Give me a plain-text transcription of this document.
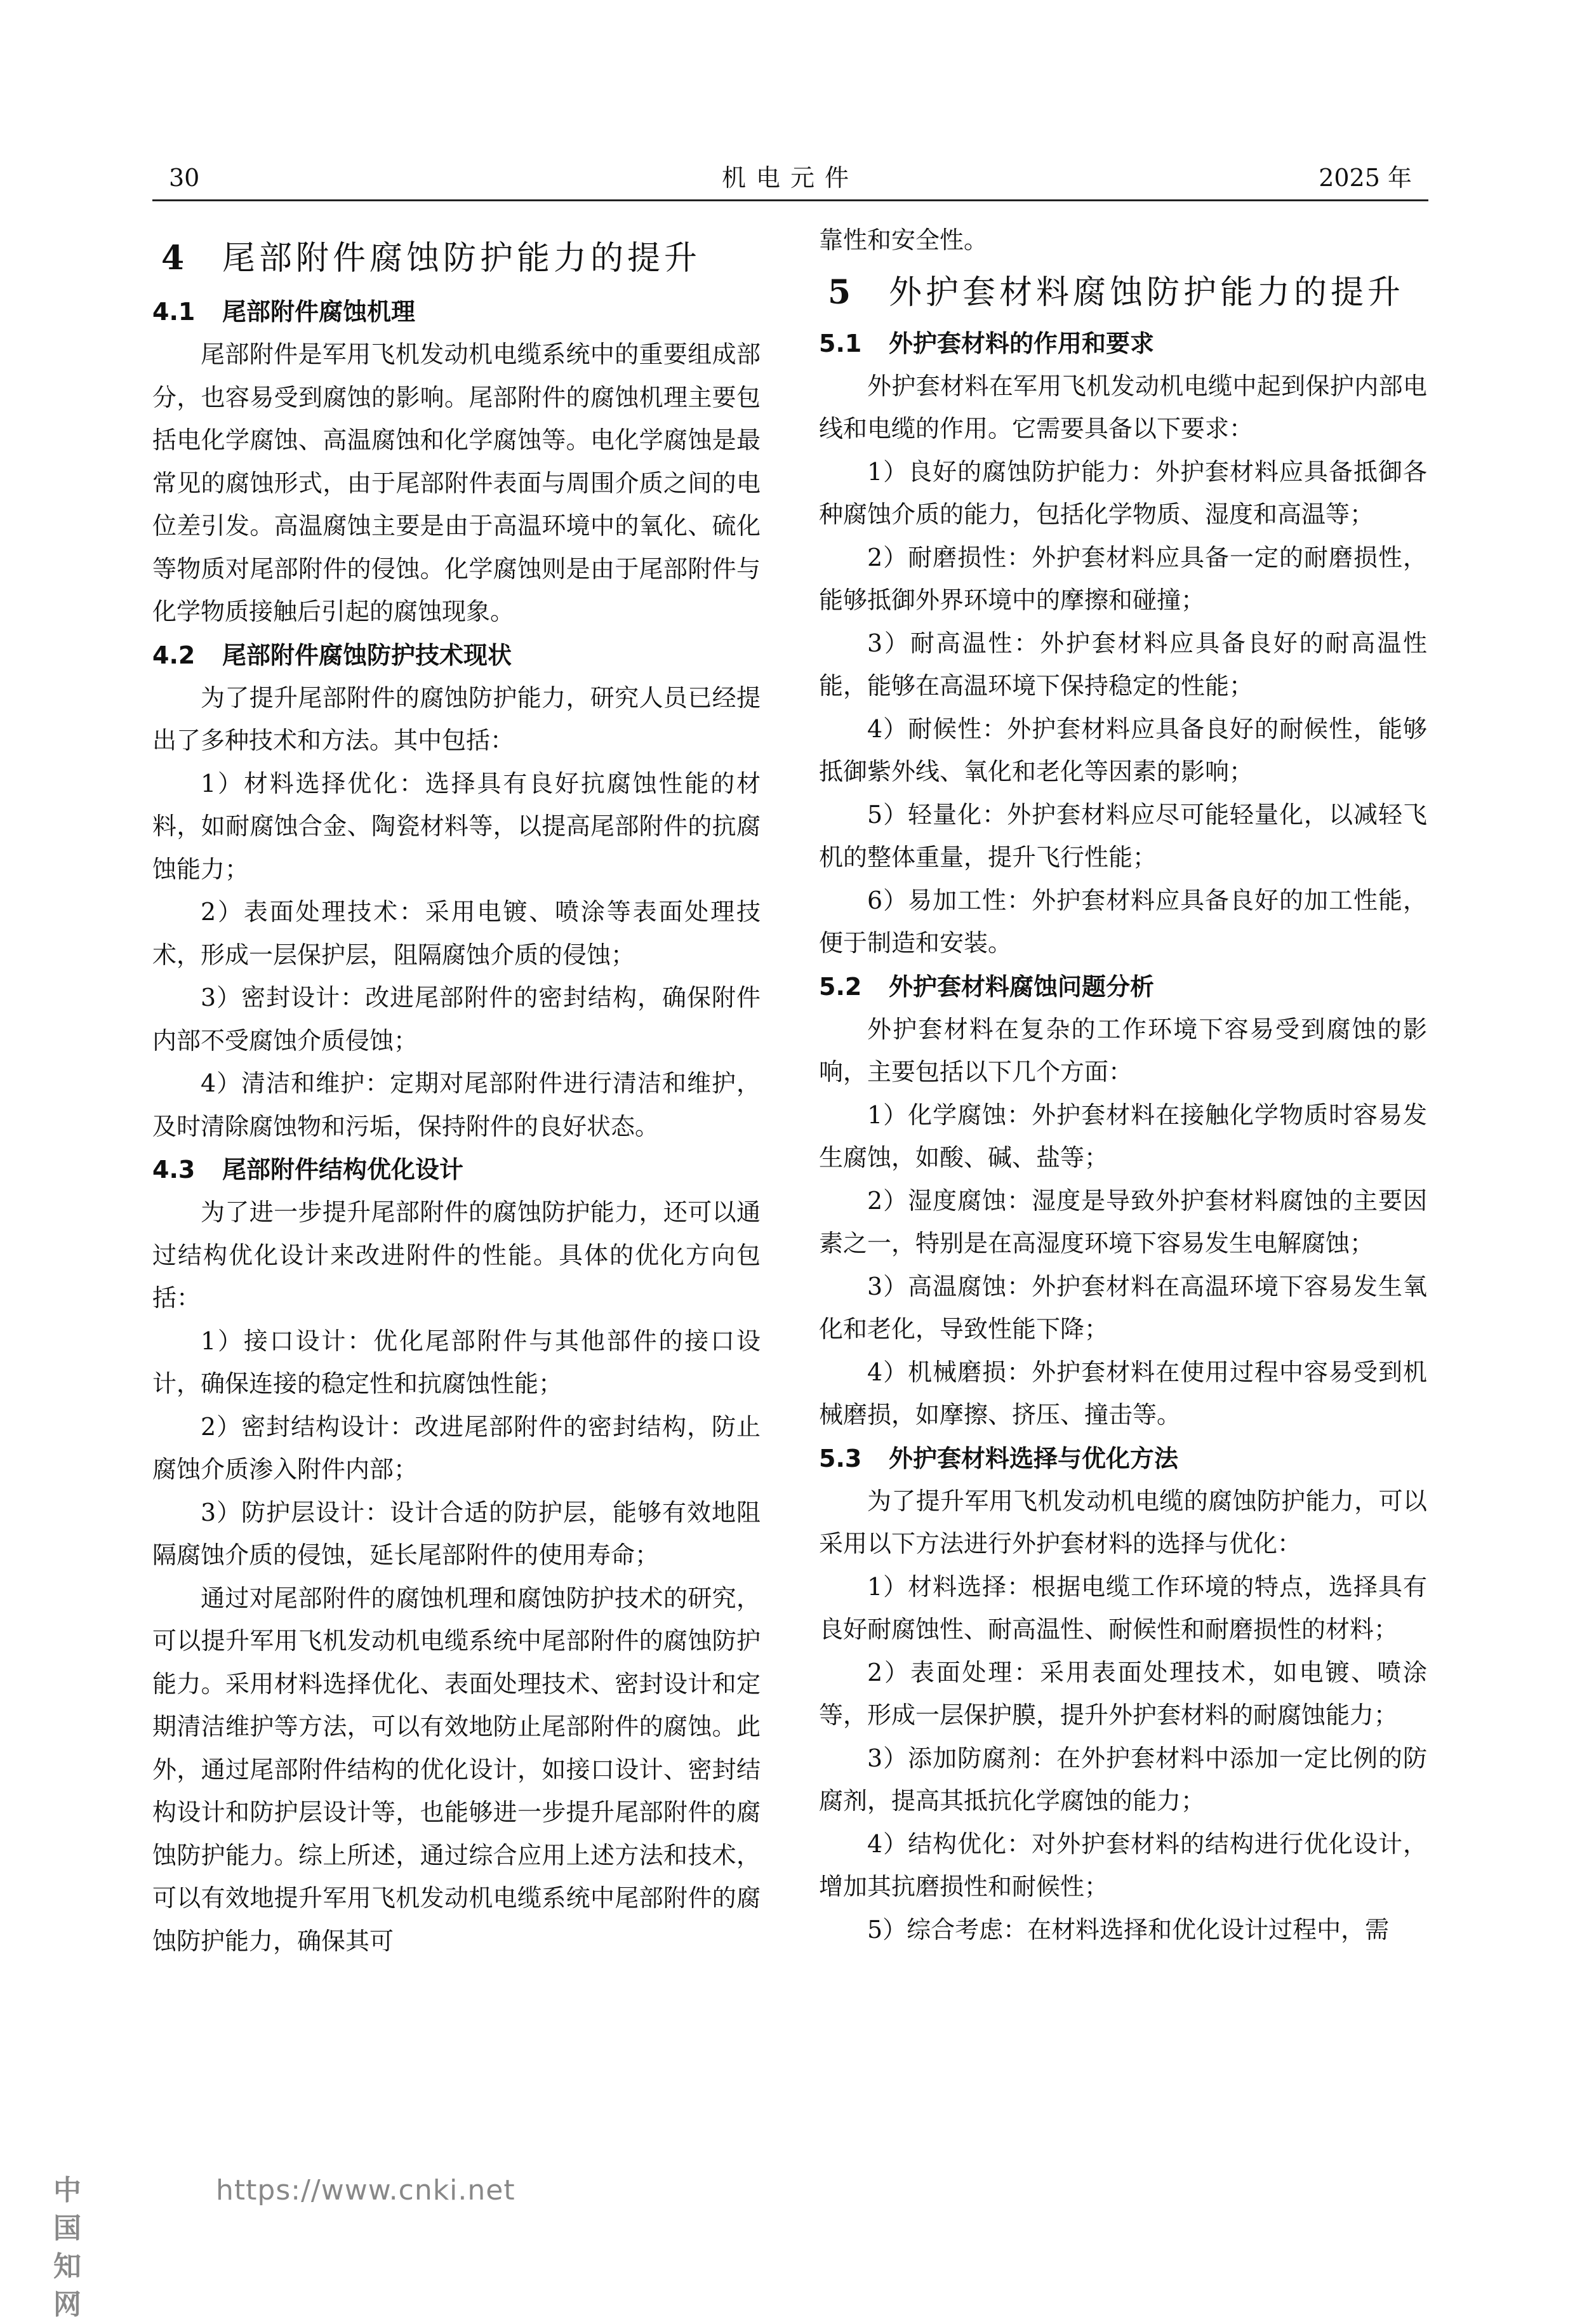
30	机电元件	2025 年
4 尾部附件腐蚀防护能力的提升
4.1 尾部附件腐蚀机理

尾部附件是军用飞机发动机电缆系统中的重要组成部分，也容易受到腐蚀的影响。尾部附件的腐蚀机理主要包括电化学腐蚀、高温腐蚀和化学腐蚀等。电化学腐蚀是最常见的腐蚀形式，由于尾部附件表面与周围介质之间的电位差引发。高温腐蚀主要是由于高温环境中的氧化、硫化等物质对尾部附件的侵蚀。化学腐蚀则是由于尾部附件与化学物质接触后引起的腐蚀现象。

4.2 尾部附件腐蚀防护技术现状

为了提升尾部附件的腐蚀防护能力，研究人员已经提出了多种技术和方法。其中包括：

1）材料选择优化：选择具有良好抗腐蚀性能的材料，如耐腐蚀合金、陶瓷材料等，以提高尾部附件的抗腐蚀能力；

2）表面处理技术：采用电镀、喷涂等表面处理技术，形成一层保护层，阻隔腐蚀介质的侵蚀；

3）密封设计：改进尾部附件的密封结构，确保附件内部不受腐蚀介质侵蚀；

4）清洁和维护：定期对尾部附件进行清洁和维护，及时清除腐蚀物和污垢，保持附件的良好状态。

4.3 尾部附件结构优化设计

为了进一步提升尾部附件的腐蚀防护能力，还可以通过结构优化设计来改进附件的性能。具体的优化方向包括：

1）接口设计：优化尾部附件与其他部件的接口设计，确保连接的稳定性和抗腐蚀性能；

2）密封结构设计：改进尾部附件的密封结构，防止腐蚀介质渗入附件内部；

3）防护层设计：设计合适的防护层，能够有效地阻隔腐蚀介质的侵蚀，延长尾部附件的使用寿命；

通过对尾部附件的腐蚀机理和腐蚀防护技术的研究，可以提升军用飞机发动机电缆系统中尾部附件的腐蚀防护能力。采用材料选择优化、表面处理技术、密封设计和定期清洁维护等方法，可以有效地防止尾部附件的腐蚀。此外，通过尾部附件结构的优化设计，如接口设计、密封结构设计和防护层设计等，也能够进一步提升尾部附件的腐蚀防护能力。综上所述，通过综合应用上述方法和技术，可以有效地提升军用飞机发动机电缆系统中尾部附件的腐蚀防护能力，确保其可

靠性和安全性。

5 外护套材料腐蚀防护能力的提升
5.1 外护套材料的作用和要求

外护套材料在军用飞机发动机电缆中起到保护内部电线和电缆的作用。它需要具备以下要求：

1）良好的腐蚀防护能力：外护套材料应具备抵御各种腐蚀介质的能力，包括化学物质、湿度和高温等；

2）耐磨损性：外护套材料应具备一定的耐磨损性，能够抵御外界环境中的摩擦和碰撞；

3）耐高温性：外护套材料应具备良好的耐高温性能，能够在高温环境下保持稳定的性能；

4）耐候性：外护套材料应具备良好的耐候性，能够抵御紫外线、氧化和老化等因素的影响；

5）轻量化：外护套材料应尽可能轻量化，以减轻飞机的整体重量，提升飞行性能；

6）易加工性：外护套材料应具备良好的加工性能，便于制造和安装。

5.2 外护套材料腐蚀问题分析

外护套材料在复杂的工作环境下容易受到腐蚀的影响，主要包括以下几个方面：

1）化学腐蚀：外护套材料在接触化学物质时容易发生腐蚀，如酸、碱、盐等；

2）湿度腐蚀：湿度是导致外护套材料腐蚀的主要因素之一，特别是在高湿度环境下容易发生电解腐蚀；

3）高温腐蚀：外护套材料在高温环境下容易发生氧化和老化，导致性能下降；

4）机械磨损：外护套材料在使用过程中容易受到机械磨损，如摩擦、挤压、撞击等。

5.3 外护套材料选择与优化方法

为了提升军用飞机发动机电缆的腐蚀防护能力，可以采用以下方法进行外护套材料的选择与优化：

1）材料选择：根据电缆工作环境的特点，选择具有良好耐腐蚀性、耐高温性、耐候性和耐磨损性的材料；

2）表面处理：采用表面处理技术，如电镀、喷涂等，形成一层保护膜，提升外护套材料的耐腐蚀能力；

3）添加防腐剂：在外护套材料中添加一定比例的防腐剂，提高其抵抗化学腐蚀的能力；

4）结构优化：对外护套材料的结构进行优化设计，增加其抗磨损性和耐候性；

5）综合考虑：在材料选择和优化设计过程中，需

中国知网
https://www.cnki.net
